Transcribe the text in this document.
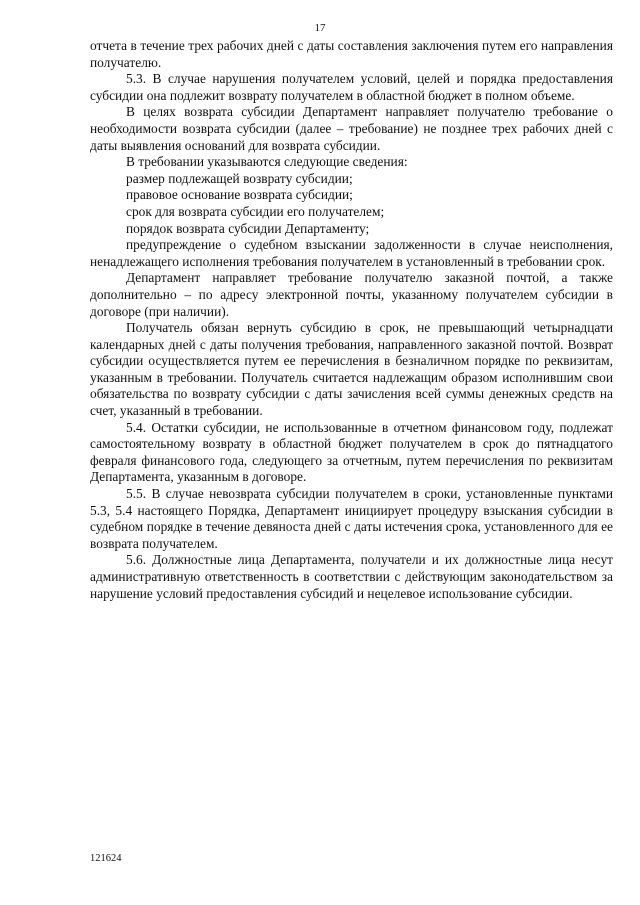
17

отчета в течение трех рабочих дней с даты составления заключения путем его направления получателю.

5.3. В случае нарушения получателем условий, целей и порядка предоставления субсидии она подлежит возврату получателем в областной бюджет в полном объеме.

В целях возврата субсидии Департамент направляет получателю требование о необходимости возврата субсидии (далее – требование) не позднее трех рабочих дней с даты выявления оснований для возврата субсидии.

В требовании указываются следующие сведения:

размер подлежащей возврату субсидии;

правовое основание возврата субсидии;

срок для возврата субсидии его получателем;

порядок возврата субсидии Департаменту;

предупреждение о судебном взыскании задолженности в случае неисполнения, ненадлежащего исполнения требования получателем в установленный в требовании срок.

Департамент направляет требование получателю заказной почтой, а также дополнительно – по адресу электронной почты, указанному получателем субсидии в договоре (при наличии).

Получатель обязан вернуть субсидию в срок, не превышающий четырнадцати календарных дней с даты получения требования, направленного заказной почтой. Возврат субсидии осуществляется путем ее перечисления в безналичном порядке по реквизитам, указанным в требовании. Получатель считается надлежащим образом исполнившим свои обязательства по возврату субсидии с даты зачисления всей суммы денежных средств на счет, указанный в требовании.

5.4. Остатки субсидии, не использованные в отчетном финансовом году, подлежат самостоятельному возврату в областной бюджет получателем в срок до пятнадцатого февраля финансового года, следующего за отчетным, путем перечисления по реквизитам Департамента, указанным в договоре.

5.5. В случае невозврата субсидии получателем в сроки, установленные пунктами 5.3, 5.4 настоящего Порядка, Департамент инициирует процедуру взыскания субсидии в судебном порядке в течение девяноста дней с даты истечения срока, установленного для ее возврата получателем.

5.6. Должностные лица Департамента, получатели и их должностные лица несут административную ответственность в соответствии с действующим законодательством за нарушение условий предоставления субсидий и нецелевое использование субсидии.

121624
